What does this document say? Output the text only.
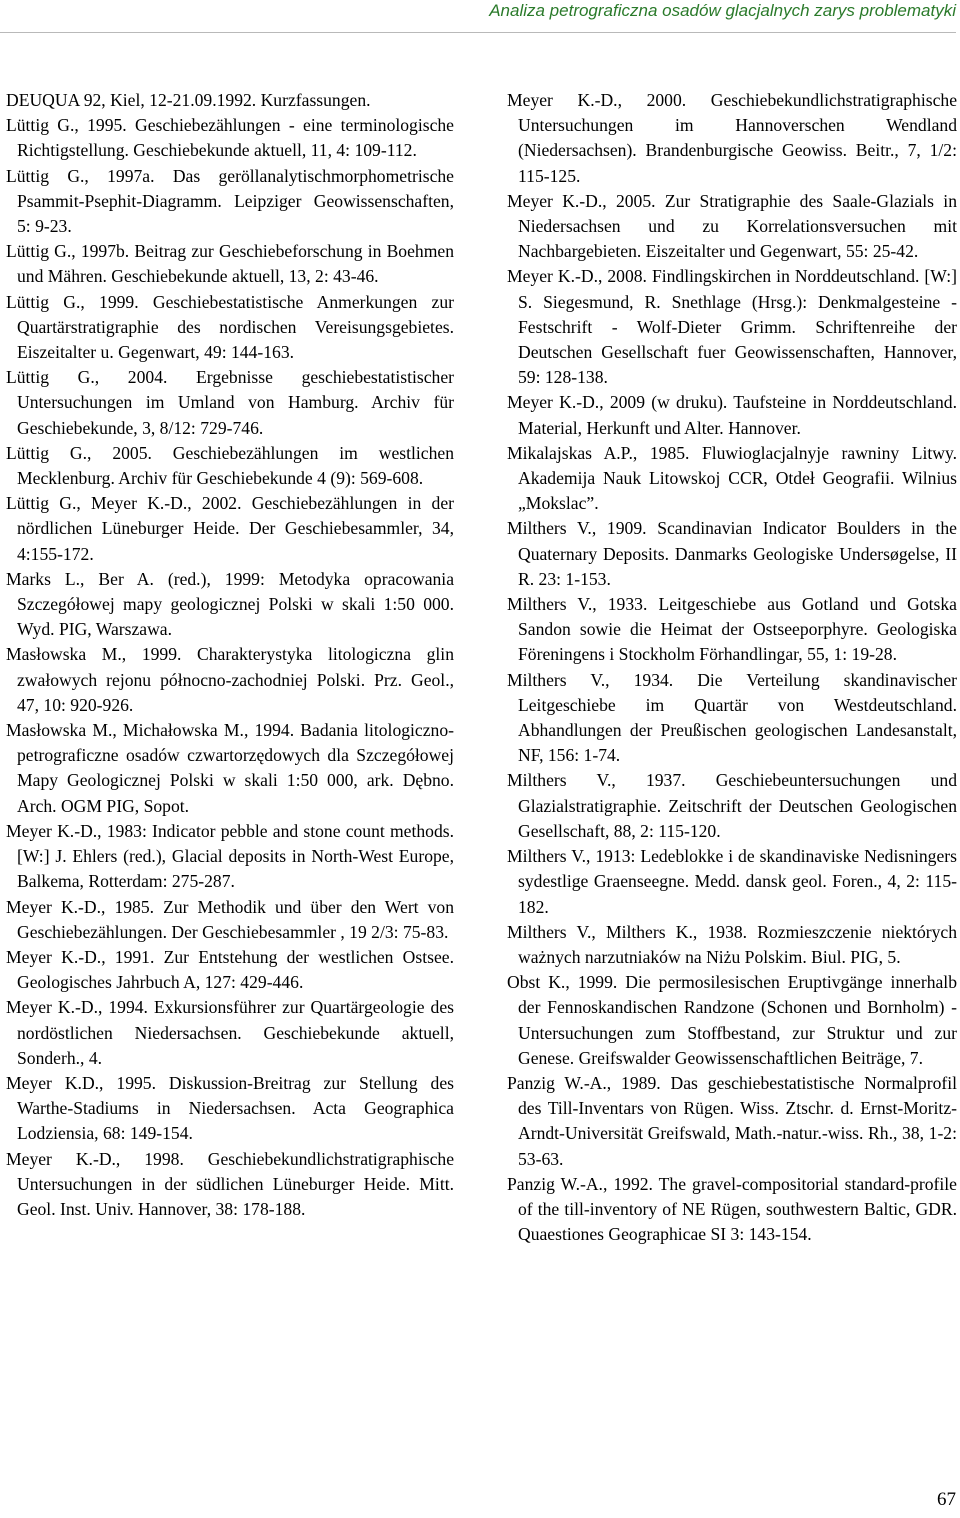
Analiza petrograficzna osadów glacjalnych zarys problematyki

DEUQUA 92, Kiel, 12-21.09.1992. Kurzfassungen.

Lüttig G., 1995. Geschiebezählungen - eine terminologische Richtigstellung. Geschiebekunde aktuell, 11, 4: 109-112.

Lüttig G., 1997a. Das geröllanalytischmorphometrische Psammit-Psephit-Diagramm. Leipziger Geowissenschaften, 5: 9-23.

Lüttig G., 1997b. Beitrag zur Geschiebeforschung in Boehmen und Mähren. Geschiebekunde aktuell, 13, 2: 43-46.

Lüttig G., 1999. Geschiebestatistische Anmerkungen zur Quartärstratigraphie des nordischen Vereisungsgebietes. Eiszeitalter u. Gegenwart, 49: 144-163.

Lüttig G., 2004. Ergebnisse geschiebestatistischer Untersuchungen im Umland von Hamburg. Archiv für Geschiebekunde, 3, 8/12: 729-746.

Lüttig G., 2005. Geschiebezählungen im westlichen Mecklenburg. Archiv für Geschiebekunde 4 (9): 569-608.

Lüttig G., Meyer K.-D., 2002. Geschiebezählungen in der nördlichen Lüneburger Heide. Der Geschiebesammler, 34, 4:155-172.

Marks L., Ber A. (red.), 1999: Metodyka opracowania Szczegółowej mapy geologicznej Polski w skali 1:50 000. Wyd. PIG, Warszawa.

Masłowska M., 1999. Charakterystyka litologiczna glin zwałowych rejonu północno-zachodniej Polski. Prz. Geol., 47, 10: 920-926.

Masłowska M., Michałowska M., 1994. Badania litologiczno-petrograficzne osadów czwartorzędowych dla Szczegółowej Mapy Geologicznej Polski w skali 1:50 000, ark. Dębno. Arch. OGM PIG, Sopot.

Meyer K.-D., 1983: Indicator pebble and stone count methods. [W:] J. Ehlers (red.), Glacial deposits in North-West Europe, Balkema, Rotterdam: 275-287.

Meyer K.-D., 1985. Zur Methodik und über den Wert von Geschiebezählungen. Der Geschiebesammler , 19 2/3: 75-83.

Meyer K.-D., 1991. Zur Entstehung der westlichen Ostsee. Geologisches Jahrbuch A, 127: 429-446.

Meyer K.-D., 1994. Exkursionsführer zur Quartärgeologie des nordöstlichen Niedersachsen. Geschiebekunde aktuell, Sonderh., 4.

Meyer K.D., 1995. Diskussion-Breitrag zur Stellung des Warthe-Stadiums in Niedersachsen. Acta Geographica Lodziensia, 68: 149-154.

Meyer K.-D., 1998. Geschiebekundlichstratigraphische Untersuchungen in der südlichen Lüneburger Heide. Mitt. Geol. Inst. Univ. Hannover, 38: 178-188.

Meyer K.-D., 2000. Geschiebekundlichstratigraphische Untersuchungen im Hannoverschen Wendland (Niedersachsen). Brandenburgische Geowiss. Beitr., 7, 1/2: 115-125.

Meyer K.-D., 2005. Zur Stratigraphie des Saale-Glazials in Niedersachsen und zu Korrelationsversuchen mit Nachbargebieten. Eiszeitalter und Gegenwart, 55: 25-42.

Meyer K.-D., 2008. Findlingskirchen in Norddeutschland. [W:] S. Siegesmund, R. Snethlage (Hrsg.): Denkmalgesteine - Festschrift - Wolf-Dieter Grimm. Schriftenreihe der Deutschen Gesellschaft fuer Geowissenschaften, Hannover, 59: 128-138.

Meyer K.-D., 2009 (w druku). Taufsteine in Norddeutschland. Material, Herkunft und Alter. Hannover.

Mikalajskas A.P., 1985. Fluwioglacjalnyje rawniny Litwy. Akademija Nauk Litowskoj CCR, Otdeł Geografii. Wilnius „Mokslac”.

Milthers V., 1909. Scandinavian Indicator Boulders in the Quaternary Deposits. Danmarks Geologiske Undersøgelse, II R. 23: 1-153.

Milthers V., 1933. Leitgeschiebe aus Gotland und Gotska Sandon sowie die Heimat der Ostseeporphyre. Geologiska Föreningens i Stockholm Förhandlingar, 55, 1: 19-28.

Milthers V., 1934. Die Verteilung skandinavischer Leitgeschiebe im Quartär von Westdeutschland. Abhandlungen der Preußischen geologischen Landesanstalt, NF, 156: 1-74.

Milthers V., 1937. Geschiebeuntersuchungen und Glazialstratigraphie. Zeitschrift der Deutschen Geologischen Gesellschaft, 88, 2: 115-120.

Milthers V., 1913: Ledeblokke i de skandinaviske Nedisningers sydestlige Graenseegne. Medd. dansk geol. Foren., 4, 2: 115-182.

Milthers V., Milthers K., 1938. Rozmieszczenie niektórych ważnych narzutniaków na Niżu Polskim. Biul. PIG, 5.

Obst K., 1999. Die permosilesischen Eruptivgänge innerhalb der Fennoskandischen Randzone (Schonen und Bornholm) - Untersuchungen zum Stoffbestand, zur Struktur und zur Genese. Greifswalder Geowissenschaftlichen Beiträge, 7.

Panzig W.-A., 1989. Das geschiebestatistische Normalprofil des Till-Inventars von Rügen. Wiss. Ztschr. d. Ernst-Moritz-Arndt-Universität Greifswald, Math.-natur.-wiss. Rh., 38, 1-2: 53-63.

Panzig W.-A., 1992. The gravel-compositorial standard-profile of the till-inventory of NE Rügen, southwestern Baltic, GDR. Quaestiones Geographicae SI 3: 143-154.

67
